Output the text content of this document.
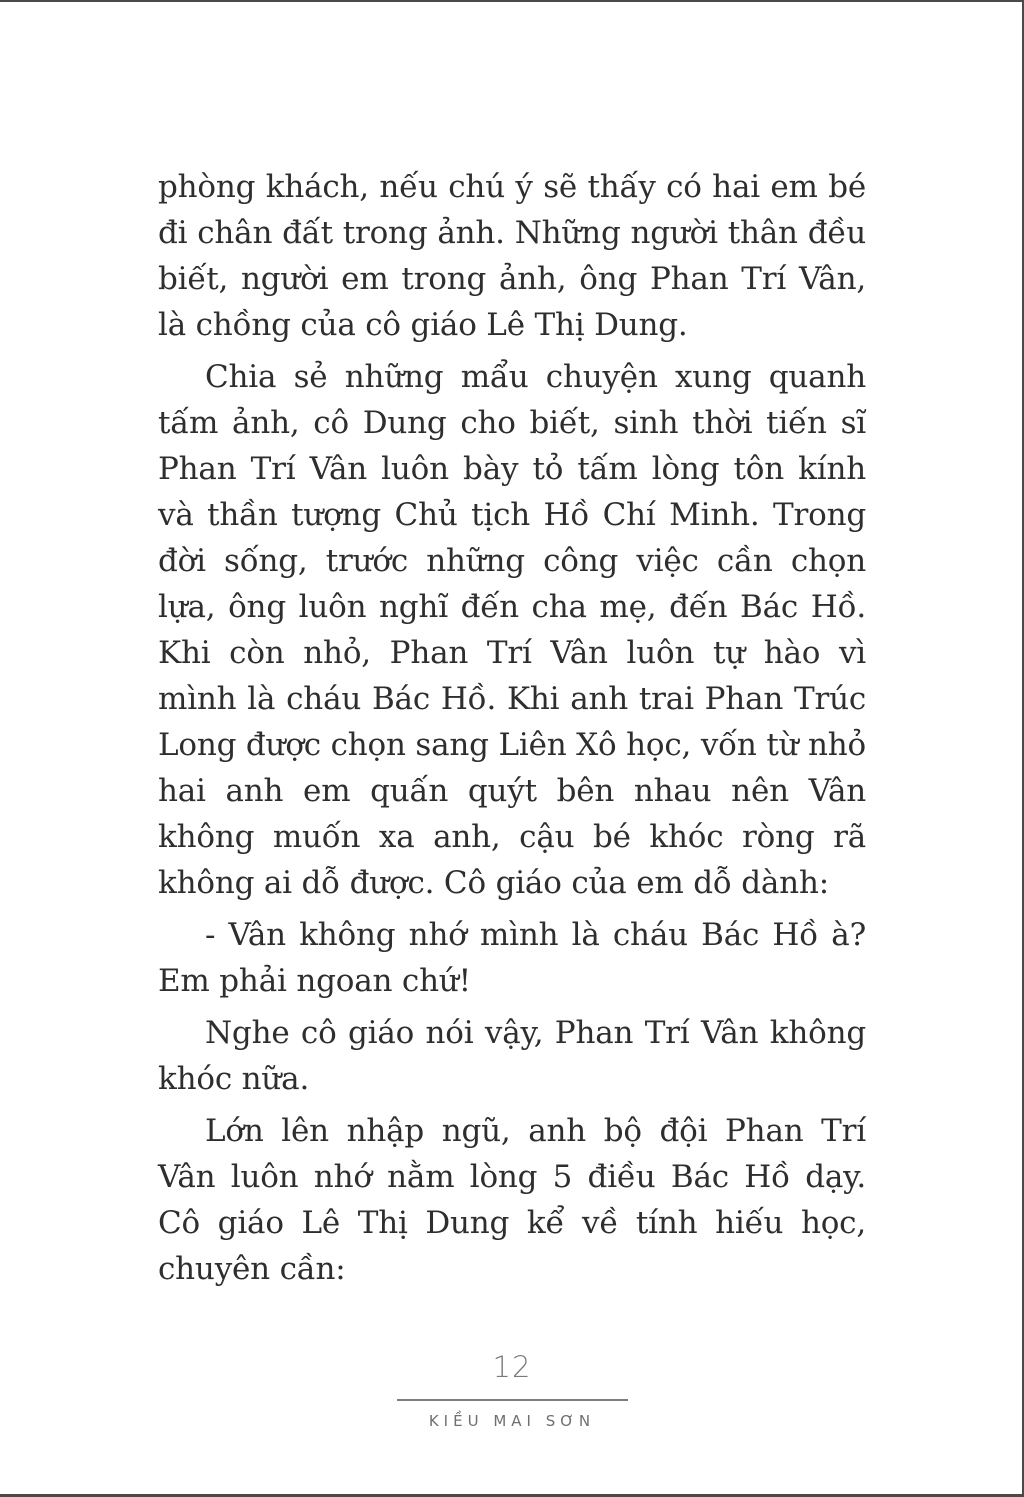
phòng khách, nếu chú ý sẽ thấy có hai em bé đi chân đất trong ảnh. Những người thân đều biết, người em trong ảnh, ông Phan Trí Vân, là chồng của cô giáo Lê Thị Dung.

Chia sẻ những mẩu chuyện xung quanh tấm ảnh, cô Dung cho biết, sinh thời tiến sĩ Phan Trí Vân luôn bày tỏ tấm lòng tôn kính và thần tượng Chủ tịch Hồ Chí Minh. Trong đời sống, trước những công việc cần chọn lựa, ông luôn nghĩ đến cha mẹ, đến Bác Hồ. Khi còn nhỏ, Phan Trí Vân luôn tự hào vì mình là cháu Bác Hồ. Khi anh trai Phan Trúc Long được chọn sang Liên Xô học, vốn từ nhỏ hai anh em quấn quýt bên nhau nên Vân không muốn xa anh, cậu bé khóc ròng rã không ai dỗ được. Cô giáo của em dỗ dành:

- Vân không nhớ mình là cháu Bác Hồ à? Em phải ngoan chứ!

Nghe cô giáo nói vậy, Phan Trí Vân không khóc nữa.

Lớn lên nhập ngũ, anh bộ đội Phan Trí Vân luôn nhớ nằm lòng 5 điều Bác Hồ dạy. Cô giáo Lê Thị Dung kể về tính hiếu học, chuyên cần:

12
KIỀU MAI SƠN
